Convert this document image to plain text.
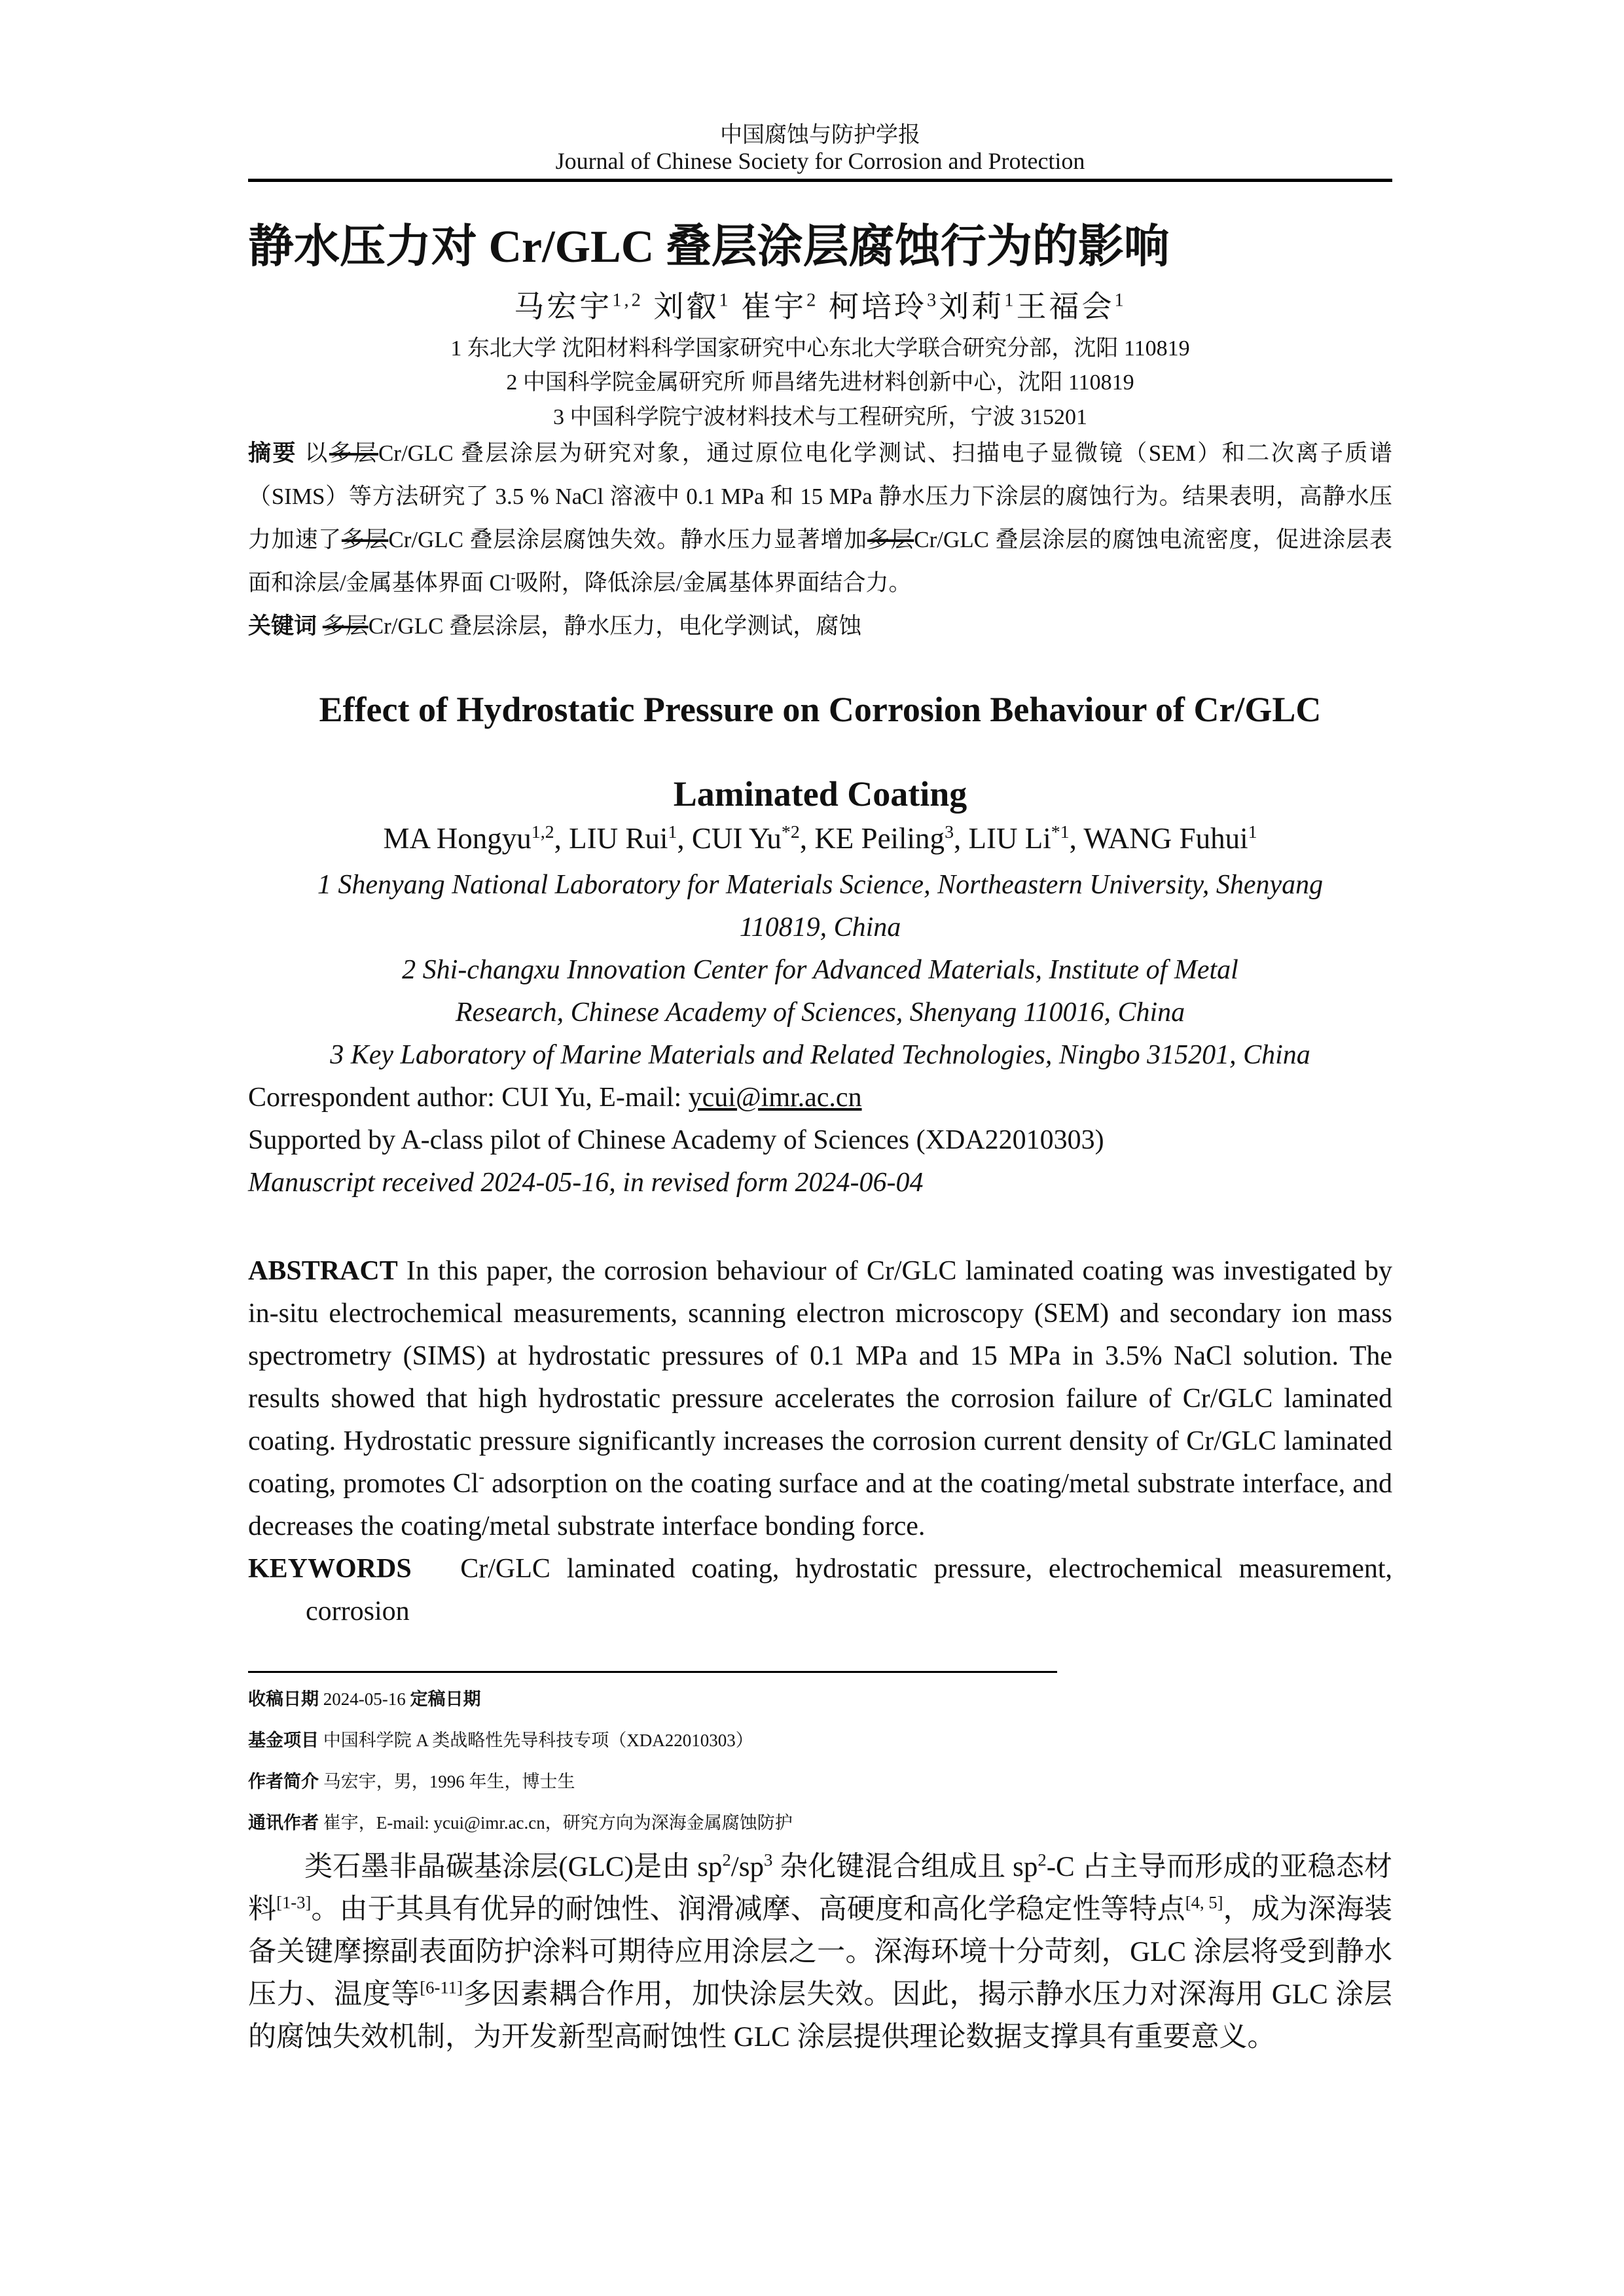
中国腐蚀与防护学报
Journal of Chinese Society for Corrosion and Protection
静水压力对 Cr/GLC 叠层涂层腐蚀行为的影响
马宏宇$^{1,2}$ 刘叡$^1$ 崔宇$^2$ 柯培玲$^3$刘莉$^1$王福会$^1$
1 东北大学 沈阳材料科学国家研究中心东北大学联合研究分部，沈阳 110819
2 中国科学院金属研究所 师昌绪先进材料创新中心，沈阳 110819
3 中国科学院宁波材料技术与工程研究所，宁波 315201
摘要 以多层Cr/GLC 叠层涂层为研究对象，通过原位电化学测试、扫描电子显微镜（SEM）和二次离子质谱（SIMS）等方法研究了 3.5 % NaCl 溶液中 0.1 MPa 和 15 MPa 静水压力下涂层的腐蚀行为。结果表明，高静水压力加速了多层Cr/GLC 叠层涂层腐蚀失效。静水压力显著增加多层Cr/GLC 叠层涂层的腐蚀电流密度，促进涂层表面和涂层/金属基体界面 Cl-吸附，降低涂层/金属基体界面结合力。
关键词 多层Cr/GLC 叠层涂层，静水压力，电化学测试，腐蚀
Effect of Hydrostatic Pressure on Corrosion Behaviour of Cr/GLC Laminated Coating
MA Hongyu$^{1,2}$, LIU Rui$^1$, CUI Yu$^{*2}$, KE Peiling$^3$, LIU Li$^{*1}$, WANG Fuhui$^1$
1 Shenyang National Laboratory for Materials Science, Northeastern University, Shenyang 110819, China
2 Shi-changxu Innovation Center for Advanced Materials, Institute of Metal Research, Chinese Academy of Sciences, Shenyang 110016, China
3 Key Laboratory of Marine Materials and Related Technologies, Ningbo 315201, China
Correspondent author: CUI Yu, E-mail: ycui@imr.ac.cn
Supported by A-class pilot of Chinese Academy of Sciences (XDA22010303)
Manuscript received 2024-05-16, in revised form 2024-06-04
ABSTRACT In this paper, the corrosion behaviour of Cr/GLC laminated coating was investigated by in-situ electrochemical measurements, scanning electron microscopy (SEM) and secondary ion mass spectrometry (SIMS) at hydrostatic pressures of 0.1 MPa and 15 MPa in 3.5% NaCl solution. The results showed that high hydrostatic pressure accelerates the corrosion failure of Cr/GLC laminated coating. Hydrostatic pressure significantly increases the corrosion current density of Cr/GLC laminated coating, promotes Cl- adsorption on the coating surface and at the coating/metal substrate interface, and decreases the coating/metal substrate interface bonding force.
KEYWORDS Cr/GLC laminated coating, hydrostatic pressure, electrochemical measurement, corrosion
收稿日期 2024-05-16 定稿日期
基金项目 中国科学院 A 类战略性先导科技专项（XDA22010303）
作者简介 马宏宇，男，1996 年生，博士生
通讯作者 崔宇，E-mail: ycui@imr.ac.cn，研究方向为深海金属腐蚀防护
类石墨非晶碳基涂层(GLC)是由 $sp^2/sp^3$ 杂化键混合组成且 $sp^2-C$ 占主导而形成的亚稳态材料[1-3]。由于其具有优异的耐蚀性、润滑减摩、高硬度和高化学稳定性等特点[4, 5]，成为深海装备关键摩擦副表面防护涂料可期待应用涂层之一。深海环境十分苛刻，GLC 涂层将受到静水压力、温度等[6-11]多因素耦合作用，加快涂层失效。因此，揭示静水压力对深海用 GLC 涂层的腐蚀失效机制，为开发新型高耐蚀性 GLC 涂层提供理论数据支撑具有重要意义。
